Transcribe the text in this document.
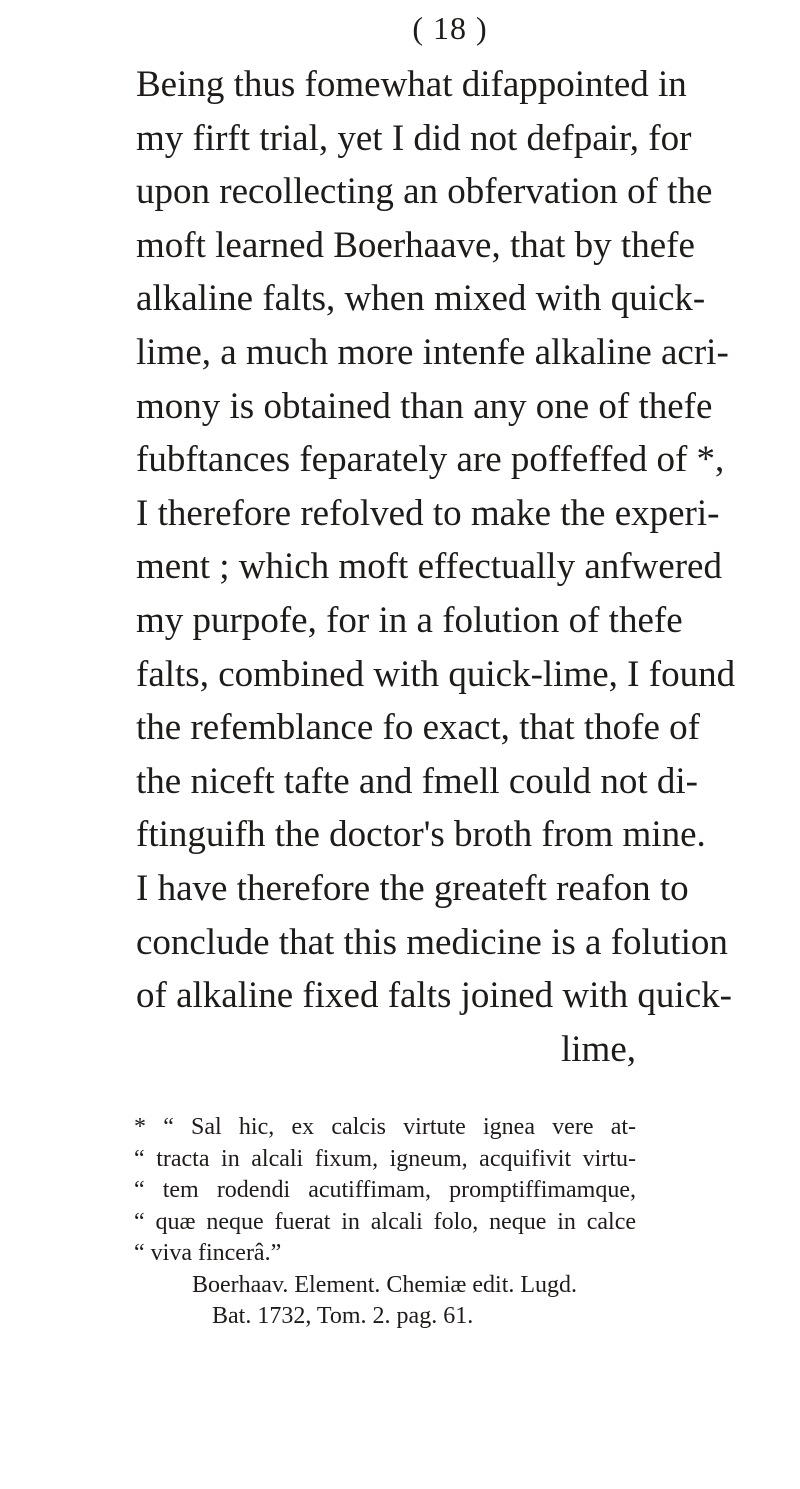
( 18 )
Being thus fomewhat difappointed in
my firft trial, yet I did not defpair, for
upon recollecting an obfervation of the
moft learned Boerhaave, that by thefe
alkaline falts, when mixed with quick-
lime, a much more intenfe alkaline acri-
mony is obtained than any one of thefe
fubftances feparately are poffeffed of *,
I therefore refolved to make the experi-
ment ; which moft effectually anfwered
my purpofe, for in a folution of thefe
falts, combined with quick-lime, I found
the refemblance fo exact, that thofe of
the niceft tafte and fmell could not di-
ftinguifh the doctor's broth from mine.
I have therefore the greateft reafon to
conclude that this medicine is a folution
of alkaline fixed falts joined with quick-
lime,
* “ Sal hic, ex calcis virtute ignea vere at-
“ tracta in alcali fixum, igneum, acquifivit virtu-
“ tem rodendi acutiffimam, promptiffimamque,
“ quæ neque fuerat in alcali folo, neque in calce
“ viva fincerâ.”
Boerhaav. Element. Chemiæ edit. Lugd.
Bat. 1732, Tom. 2. pag. 61.
